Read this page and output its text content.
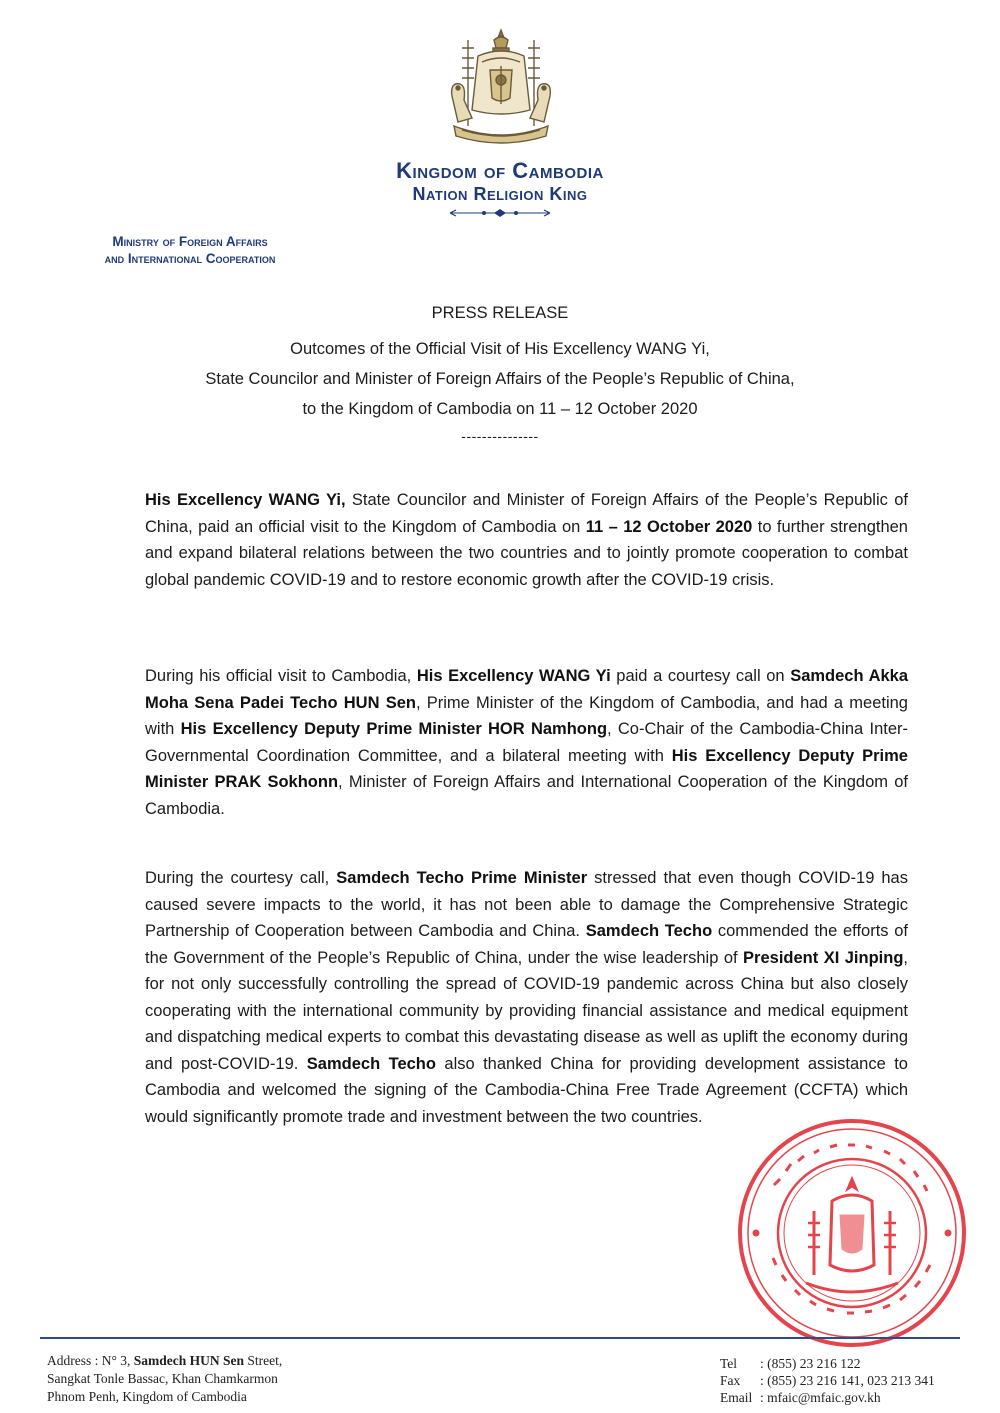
Kingdom of Cambodia
Nation Religion King
Ministry of Foreign Affairs
and International Cooperation
PRESS RELEASE
Outcomes of the Official Visit of His Excellency WANG Yi,
State Councilor and Minister of Foreign Affairs of the People’s Republic of China,
to the Kingdom of Cambodia on 11 – 12 October 2020
---------------
His Excellency WANG Yi, State Councilor and Minister of Foreign Affairs of the People’s Republic of China, paid an official visit to the Kingdom of Cambodia on 11 – 12 October 2020 to further strengthen and expand bilateral relations between the two countries and to jointly promote cooperation to combat global pandemic COVID-19 and to restore economic growth after the COVID-19 crisis.
During his official visit to Cambodia, His Excellency WANG Yi paid a courtesy call on Samdech Akka Moha Sena Padei Techo HUN Sen, Prime Minister of the Kingdom of Cambodia, and had a meeting with His Excellency Deputy Prime Minister HOR Namhong, Co-Chair of the Cambodia-China Inter-Governmental Coordination Committee, and a bilateral meeting with His Excellency Deputy Prime Minister PRAK Sokhonn, Minister of Foreign Affairs and International Cooperation of the Kingdom of Cambodia.
During the courtesy call, Samdech Techo Prime Minister stressed that even though COVID-19 has caused severe impacts to the world, it has not been able to damage the Comprehensive Strategic Partnership of Cooperation between Cambodia and China. Samdech Techo commended the efforts of the Government of the People’s Republic of China, under the wise leadership of President XI Jinping, for not only successfully controlling the spread of COVID-19 pandemic across China but also closely cooperating with the international community by providing financial assistance and medical equipment and dispatching medical experts to combat this devastating disease as well as uplift the economy during and post-COVID-19. Samdech Techo also thanked China for providing development assistance to Cambodia and welcomed the signing of the Cambodia-China Free Trade Agreement (CCFTA) which would significantly promote trade and investment between the two countries.
Address : N° 3, Samdech HUN Sen Street,
Sangkat Tonle Bassac, Khan Chamkarmon
Phnom Penh, Kingdom of Cambodia
Tel : (855) 23 216 122
Fax : (855) 23 216 141, 023 213 341
Email : mfaic@mfaic.gov.kh
